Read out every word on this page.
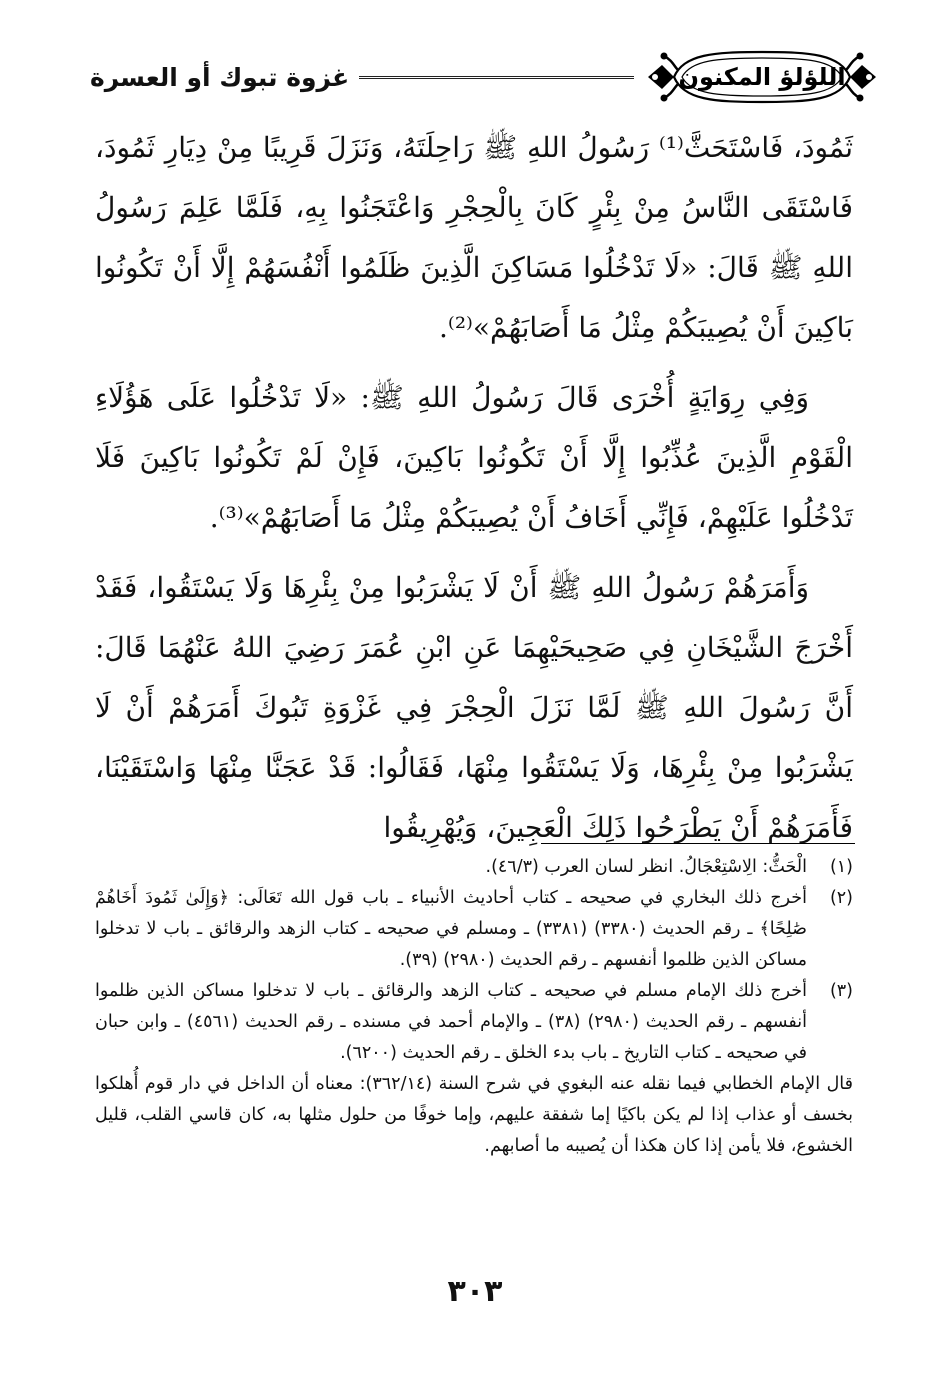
اللؤلؤ المكنون
غزوة تبوك أو العسرة

ثَمُودَ، فَاسْتَحَثَّ⁽¹⁾ رَسُولُ اللهِ ﷺ رَاحِلَتَهُ، وَنَزَلَ قَرِيبًا مِنْ دِيَارِ ثَمُودَ، فَاسْتَقَى النَّاسُ مِنْ بِئْرٍ كَانَ بِالْحِجْرِ وَاعْتَجَنُوا بِهِ، فَلَمَّا عَلِمَ رَسُولُ اللهِ ﷺ قَالَ: «لَا تَدْخُلُوا مَسَاكِنَ الَّذِينَ ظَلَمُوا أَنْفُسَهُمْ إِلَّا أَنْ تَكُونُوا بَاكِينَ أَنْ يُصِيبَكُمْ مِثْلُ مَا أَصَابَهُمْ»⁽²⁾.

وَفِي رِوَايَةٍ أُخْرَى قَالَ رَسُولُ اللهِ ﷺ: «لَا تَدْخُلُوا عَلَى هَؤُلَاءِ الْقَوْمِ الَّذِينَ عُذِّبُوا إِلَّا أَنْ تَكُونُوا بَاكِينَ، فَإِنْ لَمْ تَكُونُوا بَاكِينَ فَلَا تَدْخُلُوا عَلَيْهِمْ، فَإِنِّي أَخَافُ أَنْ يُصِيبَكُمْ مِثْلُ مَا أَصَابَهُمْ»⁽³⁾.

وَأَمَرَهُمْ رَسُولُ اللهِ ﷺ أَنْ لَا يَشْرَبُوا مِنْ بِئْرِهَا وَلَا يَسْتَقُوا، فَقَدْ أَخْرَجَ الشَّيْخَانِ فِي صَحِيحَيْهِمَا عَنِ ابْنِ عُمَرَ رَضِيَ اللهُ عَنْهُمَا قَالَ: أَنَّ رَسُولَ اللهِ ﷺ لَمَّا نَزَلَ الْحِجْرَ فِي غَزْوَةِ تَبُوكَ أَمَرَهُمْ أَنْ لَا يَشْرَبُوا مِنْ بِئْرِهَا، وَلَا يَسْتَقُوا مِنْهَا، فَقَالُوا: قَدْ عَجَنَّا مِنْهَا وَاسْتَقَيْنَا، فَأَمَرَهُمْ أَنْ يَطْرَحُوا ذَلِكَ الْعَجِينَ، وَيُهْرِيقُوا

(١)
الْحَثُّ: الِاسْتِعْجَالُ. انظر لسان العرب (٤٦/٣).
(٢)
أخرج ذلك البخاري في صحيحه ـ كتاب أحاديث الأنبياء ـ باب قول الله تَعَالَى: ﴿وَإِلَىٰ ثَمُودَ أَخَاهُمْ صَٰلِحًا﴾ ـ رقم الحديث (٣٣٨٠) (٣٣٨١) ـ ومسلم في صحيحه ـ كتاب الزهد والرقائق ـ باب لا تدخلوا مساكن الذين ظلموا أنفسهم ـ رقم الحديث (٢٩٨٠) (٣٩).
(٣)
أخرج ذلك الإمام مسلم في صحيحه ـ كتاب الزهد والرقائق ـ باب لا تدخلوا مساكن الذين ظلموا أنفسهم ـ رقم الحديث (٢٩٨٠) (٣٨) ـ والإمام أحمد في مسنده ـ رقم الحديث (٤٥٦١) ـ وابن حبان في صحيحه ـ كتاب التاريخ ـ باب بدء الخلق ـ رقم الحديث (٦٢٠٠).

قال الإمام الخطابي فيما نقله عنه البغوي في شرح السنة (٣٦٢/١٤): معناه أن الداخل في دار قوم أُهلكوا بخسف أو عذاب إذا لم يكن باكيًا إما شفقة عليهم، وإما خوفًا من حلول مثلها به، كان قاسي القلب، قليل الخشوع، فلا يأمن إذا كان هكذا أن يُصيبه ما أصابهم.

٣٠٣
